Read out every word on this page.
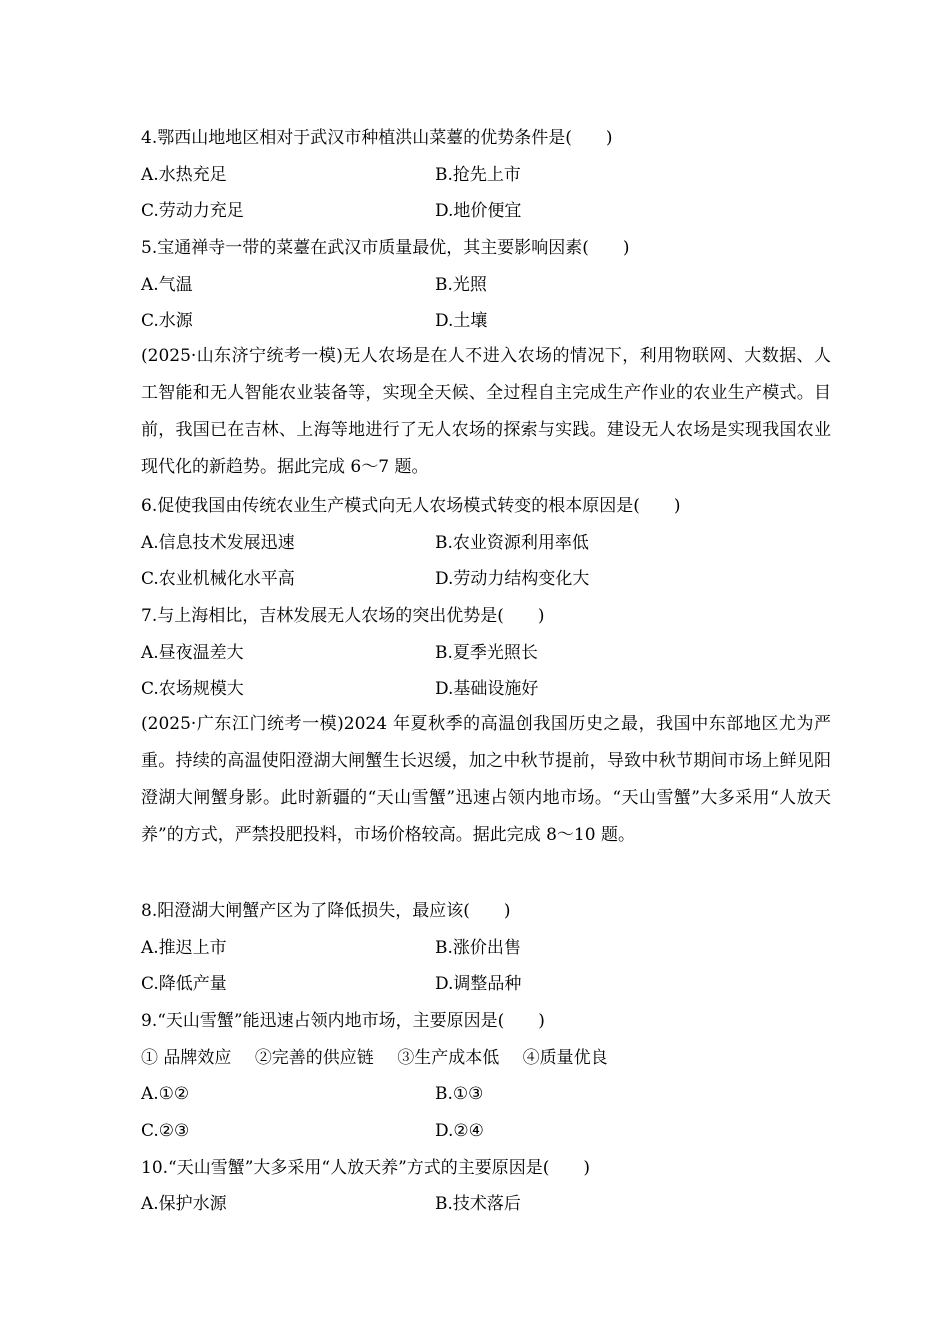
4.鄂西山地地区相对于武汉市种植洪山菜薹的优势条件是(　　)
A.水热充足	B.抢先上市
C.劳动力充足	D.地价便宜
5.宝通禅寺一带的菜薹在武汉市质量最优，其主要影响因素(　　)
A.气温	B.光照
C.水源	D.土壤
(2025·山东济宁统考一模)无人农场是在人不进入农场的情况下，利用物联网、大数据、人工智能和无人智能农业装备等，实现全天候、全过程自主完成生产作业的农业生产模式。目前，我国已在吉林、上海等地进行了无人农场的探索与实践。建设无人农场是实现我国农业现代化的新趋势。据此完成 6～7 题。
6.促使我国由传统农业生产模式向无人农场模式转变的根本原因是(　　)
A.信息技术发展迅速	B.农业资源利用率低
C.农业机械化水平高	D.劳动力结构变化大
7.与上海相比，吉林发展无人农场的突出优势是(　　)
A.昼夜温差大	B.夏季光照长
C.农场规模大	D.基础设施好
(2025·广东江门统考一模)2024 年夏秋季的高温创我国历史之最，我国中东部地区尤为严重。持续的高温使阳澄湖大闸蟹生长迟缓，加之中秋节提前，导致中秋节期间市场上鲜见阳澄湖大闸蟹身影。此时新疆的“天山雪蟹”迅速占领内地市场。“天山雪蟹”大多采用“人放天养”的方式，严禁投肥投料，市场价格较高。据此完成 8～10 题。
8.阳澄湖大闸蟹产区为了降低损失，最应该(　　)
A.推迟上市	B.涨价出售
C.降低产量	D.调整品种
9.“天山雪蟹”能迅速占领内地市场，主要原因是(　　)
① 品牌效应 ②完善的供应链 ③生产成本低 ④质量优良
A.①②	B.①③
C.②③	D.②④
10.“天山雪蟹”大多采用“人放天养”方式的主要原因是(　　)
A.保护水源	B.技术落后
